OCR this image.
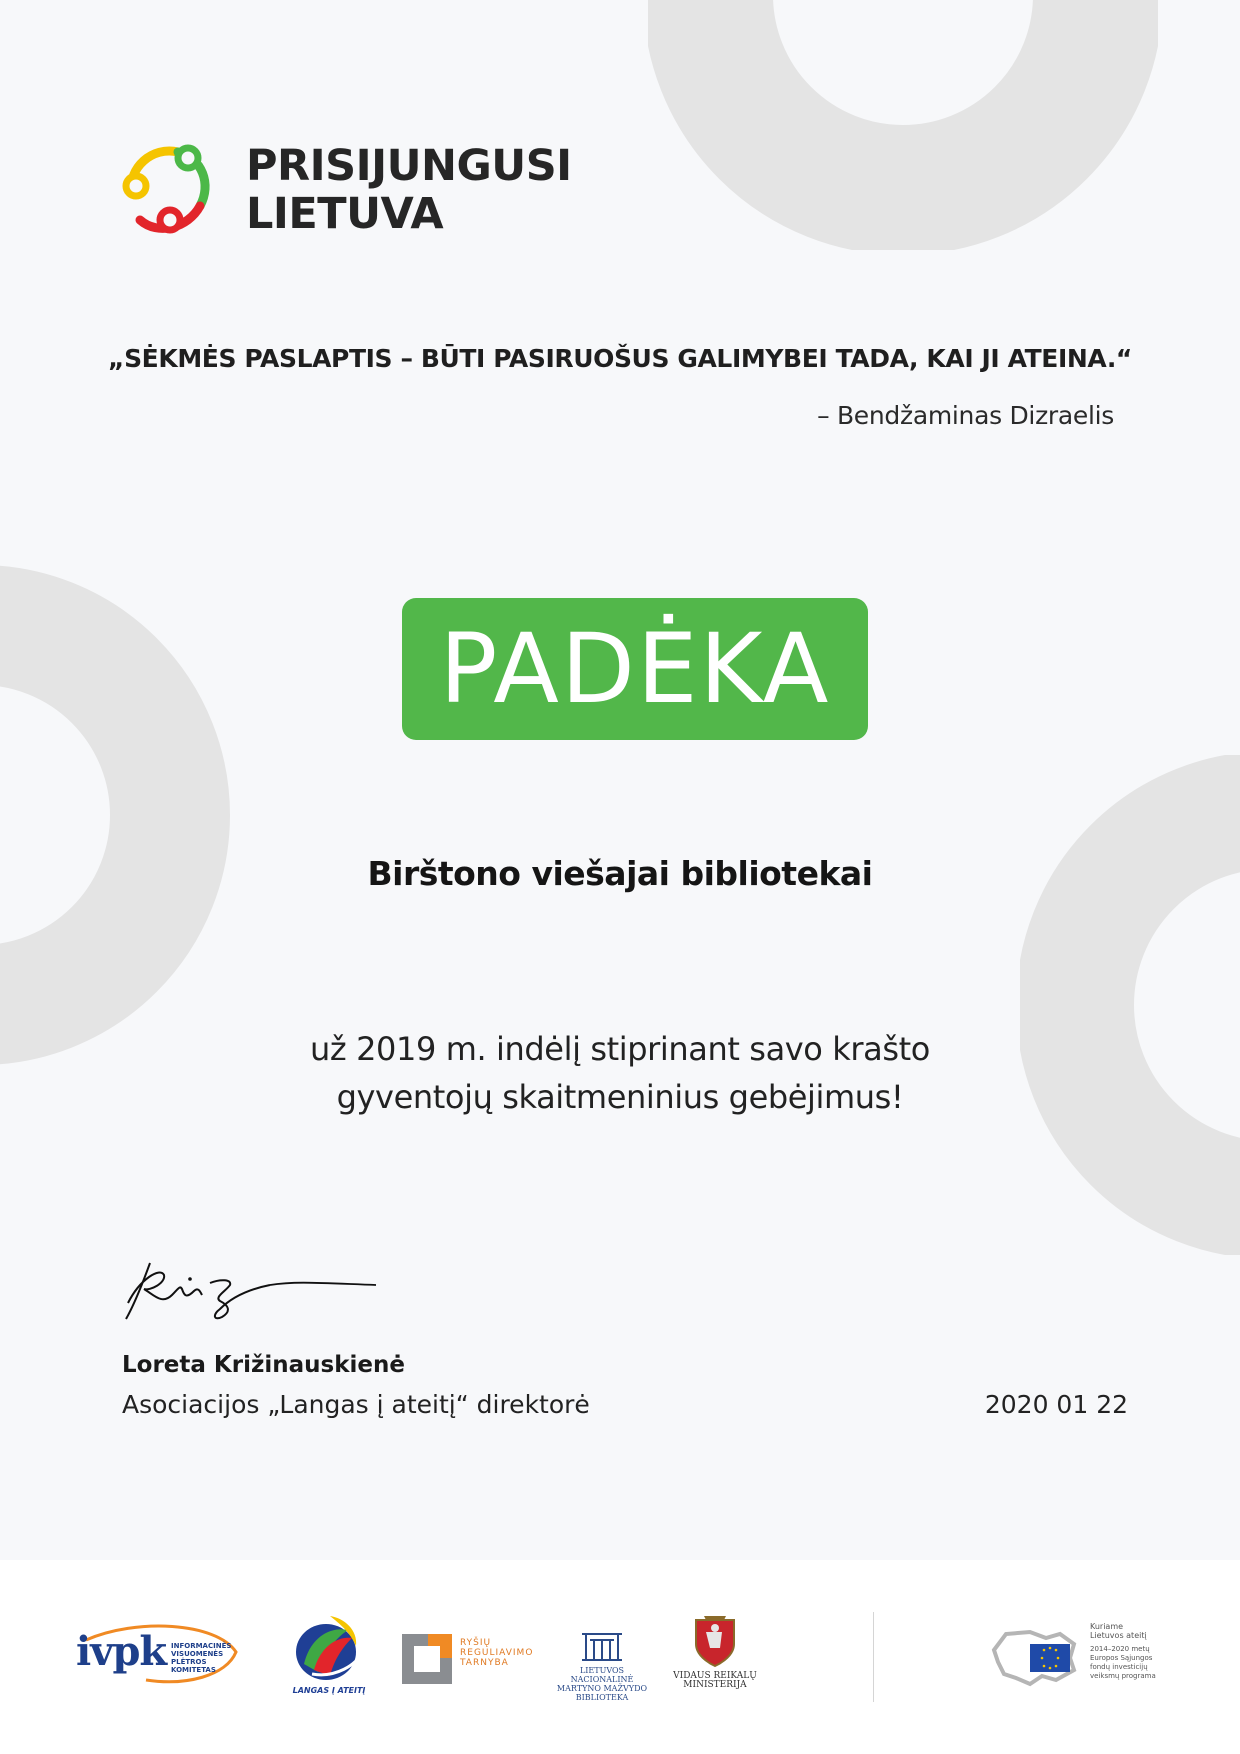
PRISIJUNGUSI
LIETUVA
„SĖKMĖS PASLAPTIS – BŪTI PASIRUOŠUS GALIMYBEI TADA, KAI JI ATEINA.“
– Bendžaminas Dizraelis
PADĖKA
Birštono viešajai bibliotekai
už 2019 m. indėlį stiprinant savo krašto
gyventojų skaitmeninius gebėjimus!
Loreta Križinauskienė
Asociacijos „Langas į ateitį“ direktorė	2020 01 22
ivpk INFORMACINĖS
VISUOMENĖS
PLĖTROS
KOMITETAS
LANGAS Į ATEITĮ
RYŠIŲ
REGULIAVIMO
TARNYBA
LIETUVOS NACIONALINĖ
MARTYNO MAŽVYDO
BIBLIOTEKA
VIDAUS REIKALŲ
MINISTERIJA
Kuriame
Lietuvos ateitį
2014–2020 metų
Europos Sąjungos
fondų investicijų
veiksmų programa
